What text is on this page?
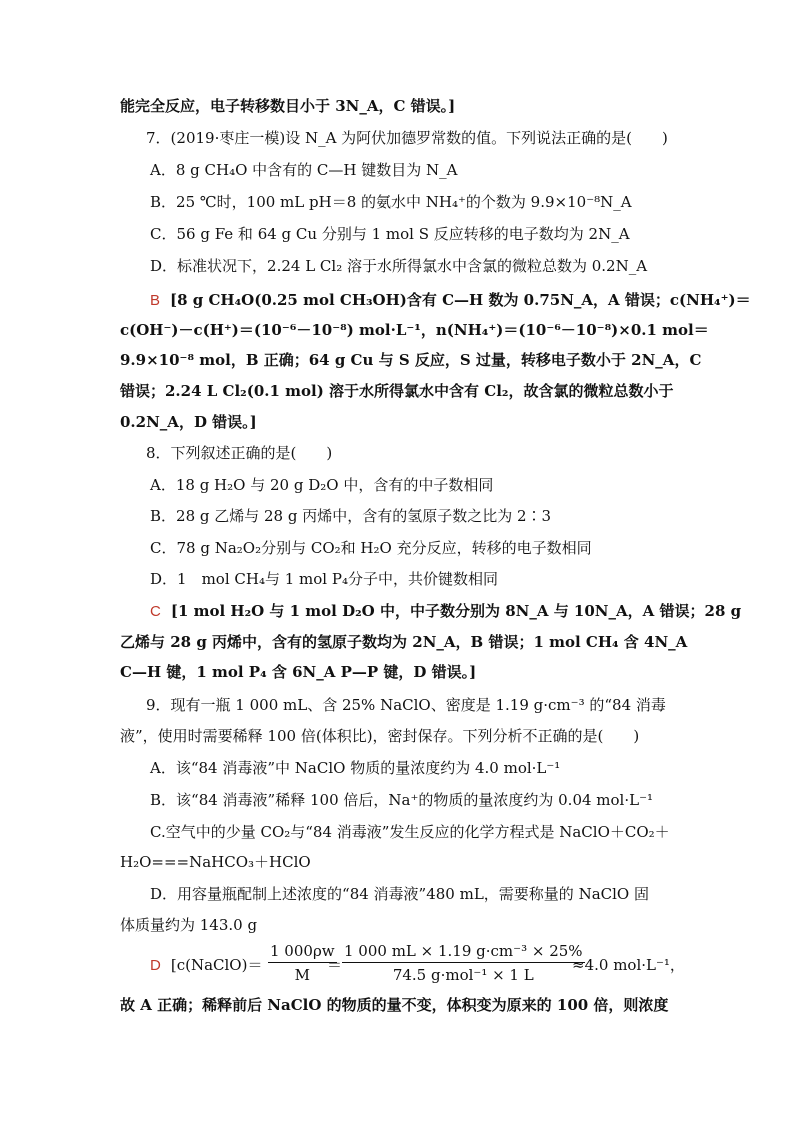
能完全反应，电子转移数目小于 3N_A，C 错误。]
7．(2019·枣庄一模)设 N_A 为阿伏加德罗常数的值。下列说法正确的是(　　)
A．8 g CH₄O 中含有的 C—H 键数目为 N_A
B．25 ℃时，100 mL pH＝8 的氨水中 NH₄⁺的个数为 9.9×10⁻⁸N_A
C．56 g Fe 和 64 g Cu 分别与 1 mol S 反应转移的电子数均为 2N_A
D．标准状况下，2.24 L Cl₂ 溶于水所得氯水中含氯的微粒总数为 0.2N_A
B [8 g CH₄O(0.25 mol CH₃OH)含有 C—H 数为 0.75N_A，A 错误；c(NH₄⁺)＝
c(OH⁻)－c(H⁺)＝(10⁻⁶－10⁻⁸) mol·L⁻¹，n(NH₄⁺)＝(10⁻⁶－10⁻⁸)×0.1 mol＝
9.9×10⁻⁸ mol，B 正确；64 g Cu 与 S 反应，S 过量，转移电子数小于 2N_A，C
错误；2.24 L Cl₂(0.1 mol) 溶于水所得氯水中含有 Cl₂，故含氯的微粒总数小于
0.2N_A，D 错误。]
8．下列叙述正确的是(　　)
A．18 g H₂O 与 20 g D₂O 中，含有的中子数相同
B．28 g 乙烯与 28 g 丙烯中，含有的氢原子数之比为 2∶3
C．78 g Na₂O₂分别与 CO₂和 H₂O 充分反应，转移的电子数相同
D．1　mol CH₄与 1 mol P₄分子中，共价键数相同
C [1 mol H₂O 与 1 mol D₂O 中，中子数分别为 8N_A 与 10N_A，A 错误；28 g
乙烯与 28 g 丙烯中，含有的氢原子数均为 2N_A，B 错误；1 mol CH₄ 含 4N_A
C—H 键，1 mol P₄ 含 6N_A P—P 键，D 错误。]
9．现有一瓶 1 000 mL、含 25% NaClO、密度是 1.19 g·cm⁻³ 的“84 消毒
液”，使用时需要稀释 100 倍(体积比)，密封保存。下列分析不正确的是(　　)
A．该“84 消毒液”中 NaClO 物质的量浓度约为 4.0 mol·L⁻¹
B．该“84 消毒液”稀释 100 倍后，Na⁺的物质的量浓度约为 0.04 mol·L⁻¹
C.空气中的少量 CO₂与“84 消毒液”发生反应的化学方程式是 NaClO＋CO₂＋
H₂O===NaHCO₃＋HClO
D．用容量瓶配制上述浓度的“84 消毒液”480 mL，需要称量的 NaClO 固
体质量约为 143.0 g
D [c(NaClO)＝ $\frac{1 000\rho w}{M}$
＝
1 000 mL × 1.19 g·cm⁻³ × 25%
74.5 g·mol⁻¹ × 1 L
≈4.0 mol·L⁻¹，
故 A 正确；稀释前后 NaClO 的物质的量不变，体积变为原来的 100 倍，则浓度
